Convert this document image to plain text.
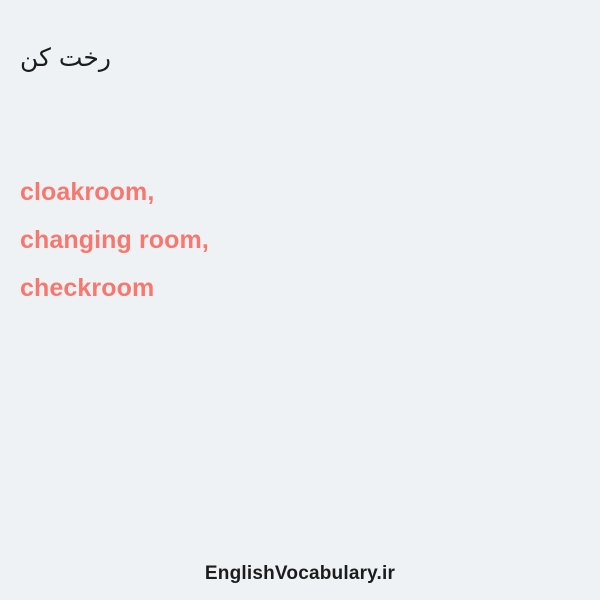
رخت کن
cloakroom,
changing room,
checkroom
EnglishVocabulary.ir
